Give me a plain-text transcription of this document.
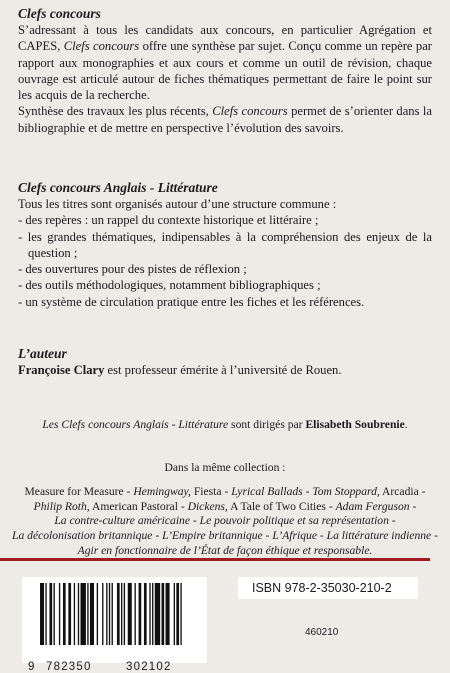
Clefs concours

S’adressant à tous les candidats aux concours, en particulier Agrégation et CAPES, Clefs concours offre une synthèse par sujet. Conçu comme un repère par rapport aux monographies et aux cours et comme un outil de révision, chaque ouvrage est articulé autour de fiches thématiques permettant de faire le point sur les acquis de la recherche.

Synthèse des travaux les plus récents, Clefs concours permet de s’orienter dans la bibliographie et de mettre en perspective l’évolution des savoirs.

Clefs concours Anglais - Littérature

Tous les titres sont organisés autour d’une structure commune :

- des repères : un rappel du contexte historique et littéraire ;

- les grandes thématiques, indipensables à la compréhension des enjeux de la question ;

- des ouvertures pour des pistes de réflexion ;

- des outils méthodologiques, notamment bibliographiques ;

- un système de circulation pratique entre les fiches et les références.

L’auteur

Françoise Clary est professeur émérite à l’université de Rouen.

Les Clefs concours Anglais - Littérature sont dirigés par Elisabeth Soubrenie.
Dans la même collection :
Measure for Measure - Hemingway, Fiesta - Lyrical Ballads - Tom Stoppard, Arcadia -
Philip Roth, American Pastoral - Dickens, A Tale of Two Cities - Adam Ferguson -
La contre-culture américaine - Le pouvoir politique et sa représentation -
La décolonisation britannique - L’Empire britannique - L’Afrique - La littérature indienne -
Agir en fonctionnaire de l’État de façon éthique et responsable.
9 782350	302102
ISBN 978-2-35030-210-2
460210
